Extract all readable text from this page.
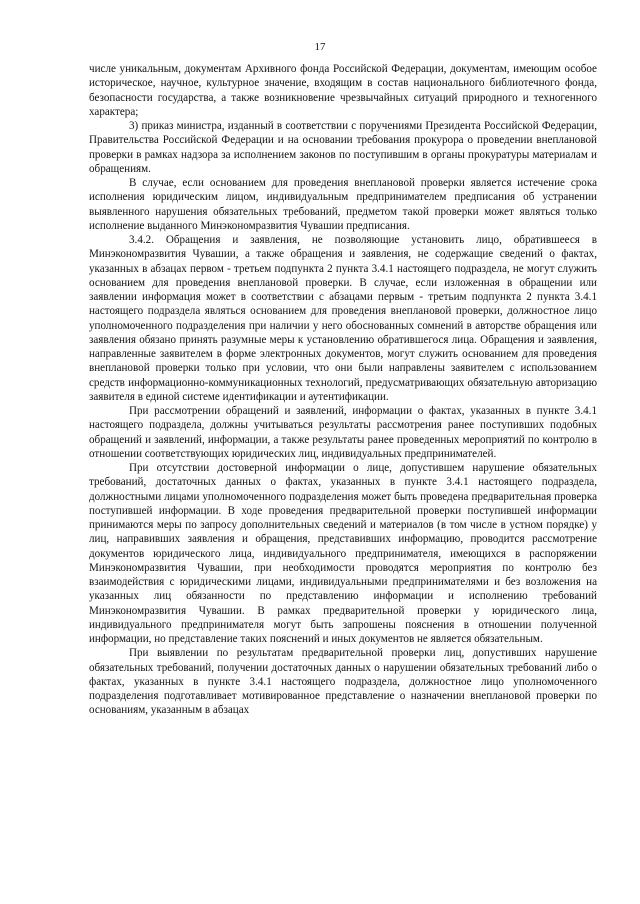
17

числе уникальным, документам Архивного фонда Российской Федерации, документам, имеющим особое историческое, научное, культурное значение, входящим в состав национального библиотечного фонда, безопасности государства, а также возникновение чрезвычайных ситуаций природного и техногенного характера;

3) приказ министра, изданный в соответствии с поручениями Президента Российской Федерации, Правительства Российской Федерации и на основании требования прокурора о проведении внеплановой проверки в рамках надзора за исполнением законов по поступившим в органы прокуратуры материалам и обращениям.

В случае, если основанием для проведения внеплановой проверки является истечение срока исполнения юридическим лицом, индивидуальным предпринимателем предписания об устранении выявленного нарушения обязательных требований, предметом такой проверки может являться только исполнение выданного Минэкономразвития Чувашии предписания.

3.4.2. Обращения и заявления, не позволяющие установить лицо, обратившееся в Минэкономразвития Чувашии, а также обращения и заявления, не содержащие сведений о фактах, указанных в абзацах первом - третьем подпункта 2 пункта 3.4.1 настоящего подраздела, не могут служить основанием для проведения внеплановой проверки. В случае, если изложенная в обращении или заявлении информация может в соответствии с абзацами первым - третьим подпункта 2 пункта 3.4.1 настоящего подраздела являться основанием для проведения внеплановой проверки, должностное лицо уполномоченного подразделения при наличии у него обоснованных сомнений в авторстве обращения или заявления обязано принять разумные меры к установлению обратившегося лица. Обращения и заявления, направленные заявителем в форме электронных документов, могут служить основанием для проведения внеплановой проверки только при условии, что они были направлены заявителем с использованием средств информационно-коммуникационных технологий, предусматривающих обязательную авторизацию заявителя в единой системе идентификации и аутентификации.

При рассмотрении обращений и заявлений, информации о фактах, указанных в пункте 3.4.1 настоящего подраздела, должны учитываться результаты рассмотрения ранее поступивших подобных обращений и заявлений, информации, а также результаты ранее проведенных мероприятий по контролю в отношении соответствующих юридических лиц, индивидуальных предпринимателей.

При отсутствии достоверной информации о лице, допустившем нарушение обязательных требований, достаточных данных о фактах, указанных в пункте 3.4.1 настоящего подраздела, должностными лицами уполномоченного подразделения может быть проведена предварительная проверка поступившей информации. В ходе проведения предварительной проверки поступившей информации принимаются меры по запросу дополнительных сведений и материалов (в том числе в устном порядке) у лиц, направивших заявления и обращения, представивших информацию, проводится рассмотрение документов юридического лица, индивидуального предпринимателя, имеющихся в распоряжении Минэкономразвития Чувашии, при необходимости проводятся мероприятия по контролю без взаимодействия с юридическими лицами, индивидуальными предпринимателями и без возложения на указанных лиц обязанности по представлению информации и исполнению требований Минэкономразвития Чувашии. В рамках предварительной проверки у юридического лица, индивидуального предпринимателя могут быть запрошены пояснения в отношении полученной информации, но представление таких пояснений и иных документов не является обязательным.

При выявлении по результатам предварительной проверки лиц, допустивших нарушение обязательных требований, получении достаточных данных о нарушении обязательных требований либо о фактах, указанных в пункте 3.4.1 настоящего подраздела, должностное лицо уполномоченного подразделения подготавливает мотивированное представление о назначении внеплановой проверки по основаниям, указанным в абзацах
